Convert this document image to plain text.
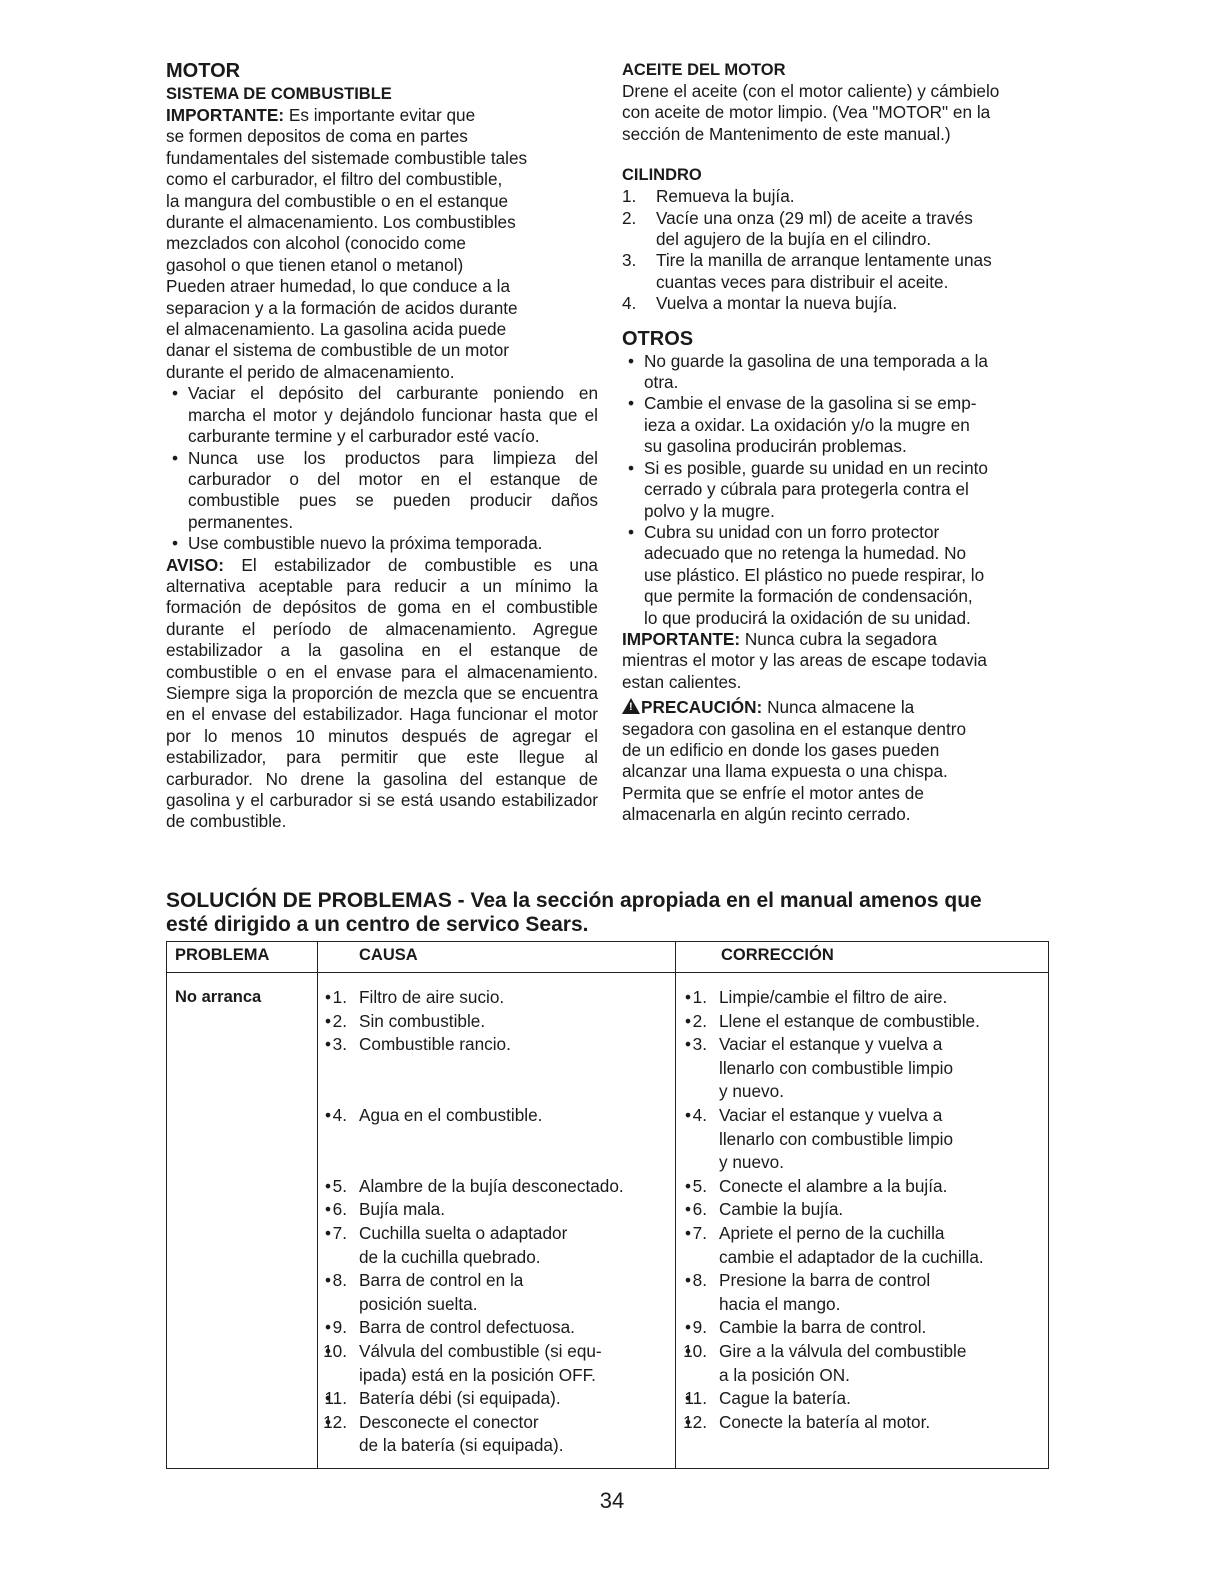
MOTOR
SISTEMA DE COMBUSTIBLE
IMPORTANTE: Es importante evitar que
se formen depositos de coma en partes
fundamentales del sistemade combustible tales
como el carburador, el filtro del combustible,
la mangura del combustible o en el estanque
durante el almacenamiento. Los combustibles
mezclados con alcohol (conocido come
gasohol o que tienen etanol o metanol)
Pueden atraer humedad, lo que conduce a la
separacion y a la formación de acidos durante
el almacenamiento. La gasolina acida puede
danar el sistema de combustible de un motor
durante el perido de almacenamiento.
• Vaciar el depósito del carburante poniendo en marcha el motor y dejándolo funcionar hasta que el carburante termine y el carburador esté vacío.
• Nunca use los productos para limpieza del carburador o del motor en el estanque de combustible pues se pueden producir daños permanentes.
• Use combustible nuevo la próxima temporada.

AVISO: El estabilizador de combustible es una alternativa aceptable para reducir a un mínimo la formación de depósitos de goma en el combustible durante el período de almacenamiento. Agregue estabilizador a la gasolina en el estanque de combustible o en el envase para el almacenamiento. Siempre siga la proporción de mezcla que se encuentra en el envase del estabilizador. Haga funcionar el motor por lo menos 10 minutos después de agregar el estabilizador, para permitir que este llegue al carburador. No drene la gasolina del estanque de gasolina y el carburador si se está usando estabilizador de combustible.

ACEITE DEL MOTOR
Drene el aceite (con el motor caliente) y cámbielo
con aceite de motor limpio. (Vea "MOTOR" en la
sección de Mantenimento de este manual.)
CILINDRO
1. Remueva la bujía.
2. Vacíe una onza (29 ml) de aceite a través
del agujero de la bujía en el cilindro.
3. Tire la manilla de arranque lentamente unas
cuantas veces para distribuir el aceite.
4. Vuelva a montar la nueva bujía.
OTROS
• No guarde la gasolina de una temporada a la
otra.
• Cambie el envase de la gasolina si se emp-
ieza a oxidar. La oxidación y/o la mugre en
su gasolina producirán problemas.
• Si es posible, guarde su unidad en un recinto
cerrado y cúbrala para protegerla contra el
polvo y la mugre.
• Cubra su unidad con un forro protector
adecuado que no retenga la humedad. No
use plástico. El plástico no puede respirar, lo
que permite la formación de condensación,
lo que producirá la oxidación de su unidad.
IMPORTANTE: Nunca cubra la segadora
mientras el motor y las areas de escape todavia
estan calientes.
! PRECAUCIÓN: Nunca almacene la
segadora con gasolina en el estanque dentro
de un edificio en donde los gases pueden
alcanzar una llama expuesta o una chispa.
Permita que se enfríe el motor antes de
almacenarla en algún recinto cerrado.
SOLUCIÓN DE PROBLEMAS - Vea la sección apropiada en el manual amenos que
esté dirigido a un centro de servico Sears.
PROBLEMA	CAUSA	CORRECCIÓN
No arranca
•	1. Filtro de aire sucio.
• 2. Sin combustible.
• 3. Combustible rancio.

• 4. Agua en el combustible.

• 5. Alambre de la bujía desconectado.
• 6. Bujía mala.
• 7. Cuchilla suelta o adaptador
de la cuchilla quebrado.
• 8. Barra de control en la
posición suelta.
• 9. Barra de control defectuosa.
• 10. Válvula del combustible (si equ-
ipada) está en la posición OFF.
• 11. Batería débi (si equipada).
• 12. Desconecte el conector
de la batería (si equipada).
• 1. Limpie/cambie el filtro de aire.
• 2. Llene el estanque de combustible.
• 3. Vaciar el estanque y vuelva a
llenarlo con combustible limpio
y nuevo.
• 4. Vaciar el estanque y vuelva a
llenarlo con combustible limpio
y nuevo.
• 5. Conecte el alambre a la bujía.
• 6. Cambie la bujía.
• 7. Apriete el perno de la cuchilla
cambie el adaptador de la cuchilla.
• 8. Presione la barra de control
hacia el mango.
• 9. Cambie la barra de control.
• 10. Gire a la válvula del combustible
a la posición ON.
• 11. Cague la batería.
• 12. Conecte la batería al motor.
34
